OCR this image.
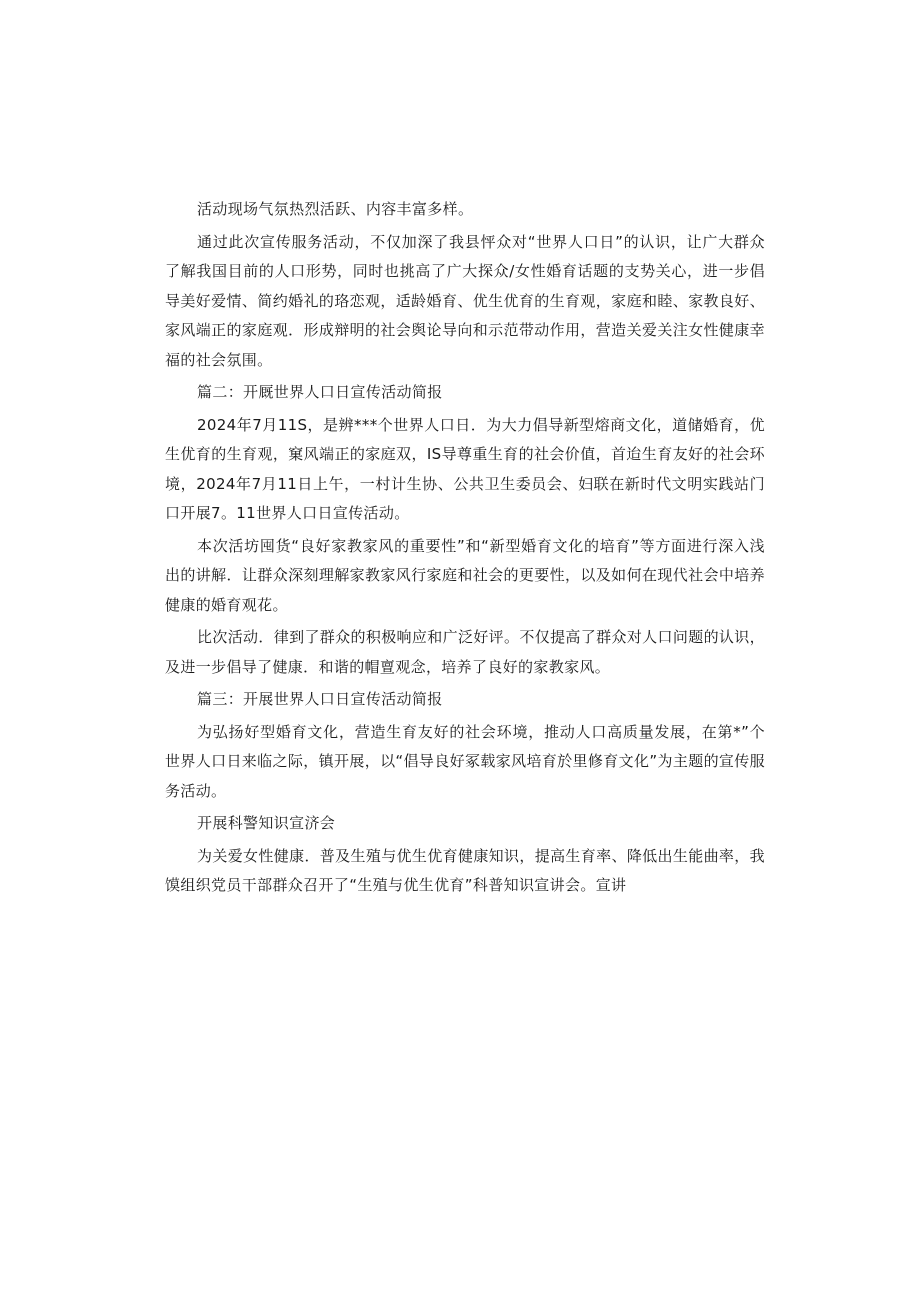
活动现场气氛热烈活跃、内容丰富多样。

通过此次宣传服务活动，不仅加深了我县怦众对“世界人口日”的认识，让广大群众了解我国目前的人口形势，同时也挑高了广大探众/女性婚育话题的支势关心，进一步倡导美好爱情、简约婚礼的珞恋观，适龄婚育、优生优育的生育观，家庭和睦、家教良好、家风端正的家庭观．形成辩明的社会舆论导向和示范带动作用，营造关爱关注女性健康幸福的社会氛围。

篇二：开厩世界人口日宣传活动简报

2024年7月11S，是辨***个世界人口日．为大力倡导新型熔商文化，道储婚育，优生优育的生育观，窠风端正的家庭双，IS导尊重生育的社会价值，首迨生育友好的社会环境，2024年7月11日上午，一村计生协、公共卫生委员会、妇联在新时代文明实践站门口开展7。11世界人口日宣传活动。

本次活坊囤货“良好家教家风的重要性”和“新型婚育文化的培育”等方面进行深入浅出的讲解．让群众深刻理解家教家风行家庭和社会的更要性，以及如何在现代社会中培养健康的婚育观花。

比次活动．律到了群众的积极响应和广泛好评。不仅提高了群众对人口问题的认识，及进一步倡导了健康．和谐的帽亶观念，培养了良好的家教家风。

篇三：开展世界人口日宣传活动简报

为弘扬好型婚育文化，营造生育友好的社会环境，推动人口高质量发展，在第*”个世界人口日来临之际，镇开展，以“倡导良好冢载家风培育於里修育文化”为主题的宣传服务活动。

开展科警知识宣济会

为关爱女性健康．普及生殖与优生优育健康知识，提高生育率、降低出生能曲率，我馍组织党员干部群众召开了“生殖与优生优育”科普知识宣讲会。宣讲
